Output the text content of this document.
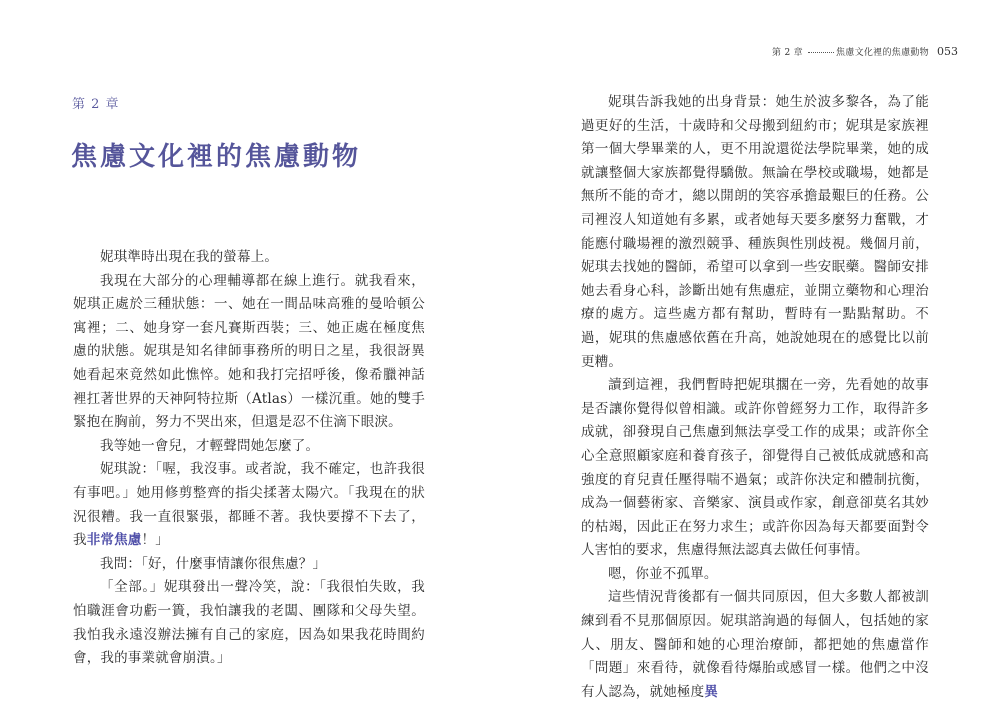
第 2 章
焦慮文化裡的焦慮動物

妮琪準時出現在我的螢幕上。

我現在大部分的心理輔導都在線上進行。就我看來，妮琪正處於三種狀態：一、她在一間品味高雅的曼哈頓公寓裡；二、她身穿一套凡賽斯西裝；三、她正處在極度焦慮的狀態。妮琪是知名律師事務所的明日之星，我很訝異她看起來竟然如此憔悴。她和我打完招呼後，像希臘神話裡扛著世界的天神阿特拉斯（Atlas）一樣沉重。她的雙手緊抱在胸前，努力不哭出來，但還是忍不住滴下眼淚。

我等她一會兒，才輕聲問她怎麼了。

妮琪說：「喔，我沒事。或者說，我不確定，也許我很有事吧。」她用修剪整齊的指尖揉著太陽穴。「我現在的狀況很糟。我一直很緊張，都睡不著。我快要撐不下去了，我非常焦慮！」

我問：「好，什麼事情讓你很焦慮？」

「全部。」妮琪發出一聲冷笑，說：「我很怕失敗，我怕職涯會功虧一簣，我怕讓我的老闆、團隊和父母失望。我怕我永遠沒辦法擁有自己的家庭，因為如果我花時間約會，我的事業就會崩潰。」

第 2 章	焦慮文化裡的焦慮動物 053

妮琪告訴我她的出身背景：她生於波多黎各，為了能過更好的生活，十歲時和父母搬到紐約市；妮琪是家族裡第一個大學畢業的人，更不用說還從法學院畢業，她的成就讓整個大家族都覺得驕傲。無論在學校或職場，她都是無所不能的奇才，總以開朗的笑容承擔最艱巨的任務。公司裡沒人知道她有多累，或者她每天要多麼努力奮戰，才能應付職場裡的激烈競爭、種族與性別歧視。幾個月前，妮琪去找她的醫師，希望可以拿到一些安眠藥。醫師安排她去看身心科，診斷出她有焦慮症，並開立藥物和心理治療的處方。這些處方都有幫助，暫時有一點點幫助。不過，妮琪的焦慮感依舊在升高，她說她現在的感覺比以前更糟。

讀到這裡，我們暫時把妮琪擱在一旁，先看她的故事是否讓你覺得似曾相識。或許你曾經努力工作，取得許多成就，卻發現自己焦慮到無法享受工作的成果；或許你全心全意照顧家庭和養育孩子，卻覺得自己被低成就感和高強度的育兒責任壓得喘不過氣；或許你決定和體制抗衡，成為一個藝術家、音樂家、演員或作家，創意卻莫名其妙的枯竭，因此正在努力求生；或許你因為每天都要面對令人害怕的要求，焦慮得無法認真去做任何事情。

嗯，你並不孤單。

這些情況背後都有一個共同原因，但大多數人都被訓練到看不見那個原因。妮琪諮詢過的每個人，包括她的家人、朋友、醫師和她的心理治療師，都把她的焦慮當作「問題」來看待，就像看待爆胎或感冒一樣。他們之中沒有人認為，就她極度異
